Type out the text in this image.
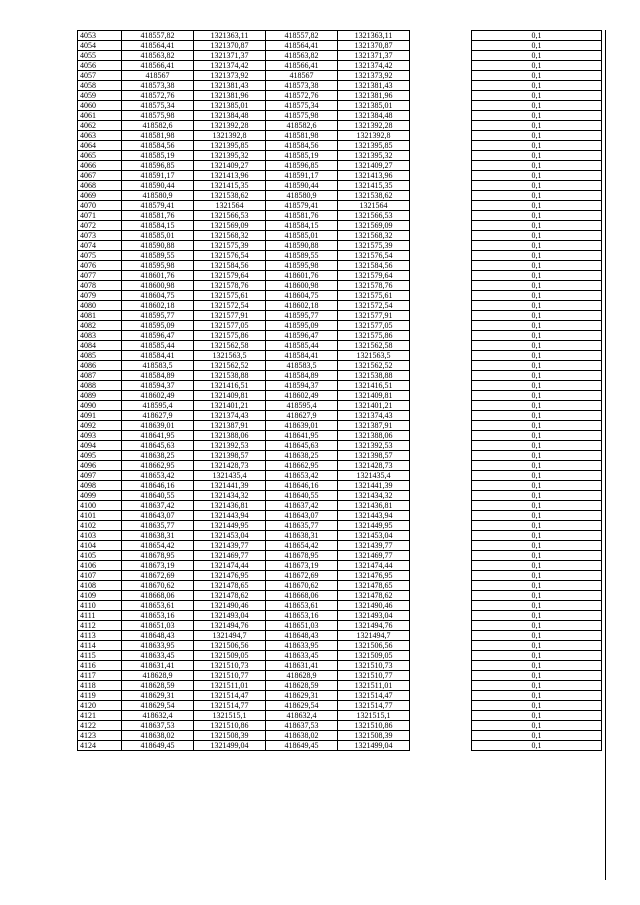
4053	418557,82	1321363,11	418557,82	1321363,11		0,1
4054	418564,41	1321370,87	418564,41	1321370,87		0,1
4055	418563,82	1321371,37	418563,82	1321371,37		0,1
4056	418566,41	1321374,42	418566,41	1321374,42		0,1
4057	418567	1321373,92	418567	1321373,92		0,1
4058	418573,38	1321381,43	418573,38	1321381,43		0,1
4059	418572,76	1321381,96	418572,76	1321381,96		0,1
4060	418575,34	1321385,01	418575,34	1321385,01		0,1
4061	418575,98	1321384,48	418575,98	1321384,48		0,1
4062	418582,6	1321392,28	418582,6	1321392,28		0,1
4063	418581,98	1321392,8	418581,98	1321392,8		0,1
4064	418584,56	1321395,85	418584,56	1321395,85		0,1
4065	418585,19	1321395,32	418585,19	1321395,32		0,1
4066	418596,85	1321409,27	418596,85	1321409,27		0,1
4067	418591,17	1321413,96	418591,17	1321413,96		0,1
4068	418590,44	1321415,35	418590,44	1321415,35		0,1
4069	418580,9	1321538,62	418580,9	1321538,62		0,1
4070	418579,41	1321564	418579,41	1321564		0,1
4071	418581,76	1321566,53	418581,76	1321566,53		0,1
4072	418584,15	1321569,09	418584,15	1321569,09		0,1
4073	418585,01	1321568,32	418585,01	1321568,32		0,1
4074	418590,88	1321575,39	418590,88	1321575,39		0,1
4075	418589,55	1321576,54	418589,55	1321576,54		0,1
4076	418595,98	1321584,56	418595,98	1321584,56		0,1
4077	418601,76	1321579,64	418601,76	1321579,64		0,1
4078	418600,98	1321578,76	418600,98	1321578,76		0,1
4079	418604,75	1321575,61	418604,75	1321575,61		0,1
4080	418602,18	1321572,54	418602,18	1321572,54		0,1
4081	418595,77	1321577,91	418595,77	1321577,91		0,1
4082	418595,09	1321577,05	418595,09	1321577,05		0,1
4083	418596,47	1321575,86	418596,47	1321575,86		0,1
4084	418585,44	1321562,58	418585,44	1321562,58		0,1
4085	418584,41	1321563,5	418584,41	1321563,5		0,1
4086	418583,5	1321562,52	418583,5	1321562,52		0,1
4087	418584,89	1321538,88	418584,89	1321538,88		0,1
4088	418594,37	1321416,51	418594,37	1321416,51		0,1
4089	418602,49	1321409,81	418602,49	1321409,81		0,1
4090	418595,4	1321401,21	418595,4	1321401,21		0,1
4091	418627,9	1321374,43	418627,9	1321374,43		0,1
4092	418639,01	1321387,91	418639,01	1321387,91		0,1
4093	418641,95	1321388,06	418641,95	1321388,06		0,1
4094	418645,63	1321392,53	418645,63	1321392,53		0,1
4095	418638,25	1321398,57	418638,25	1321398,57		0,1
4096	418662,95	1321428,73	418662,95	1321428,73		0,1
4097	418653,42	1321435,4	418653,42	1321435,4		0,1
4098	418646,16	1321441,39	418646,16	1321441,39		0,1
4099	418640,55	1321434,32	418640,55	1321434,32		0,1
4100	418637,42	1321436,81	418637,42	1321436,81		0,1
4101	418643,07	1321443,94	418643,07	1321443,94		0,1
4102	418635,77	1321449,95	418635,77	1321449,95		0,1
4103	418638,31	1321453,04	418638,31	1321453,04		0,1
4104	418654,42	1321439,77	418654,42	1321439,77		0,1
4105	418678,95	1321469,77	418678,95	1321469,77		0,1
4106	418673,19	1321474,44	418673,19	1321474,44		0,1
4107	418672,69	1321476,95	418672,69	1321476,95		0,1
4108	418670,62	1321478,65	418670,62	1321478,65		0,1
4109	418668,06	1321478,62	418668,06	1321478,62		0,1
4110	418653,61	1321490,46	418653,61	1321490,46		0,1
4111	418653,16	1321493,04	418653,16	1321493,04		0,1
4112	418651,03	1321494,76	418651,03	1321494,76		0,1
4113	418648,43	1321494,7	418648,43	1321494,7		0,1
4114	418633,95	1321506,56	418633,95	1321506,56		0,1
4115	418633,45	1321509,05	418633,45	1321509,05		0,1
4116	418631,41	1321510,73	418631,41	1321510,73		0,1
4117	418628,9	1321510,77	418628,9	1321510,77		0,1
4118	418628,59	1321511,01	418628,59	1321511,01		0,1
4119	418629,31	1321514,47	418629,31	1321514,47		0,1
4120	418629,54	1321514,77	418629,54	1321514,77		0,1
4121	418632,4	1321515,1	418632,4	1321515,1		0,1
4122	418637,53	1321510,86	418637,53	1321510,86		0,1
4123	418638,02	1321508,39	418638,02	1321508,39		0,1
4124	418649,45	1321499,04	418649,45	1321499,04		0,1
